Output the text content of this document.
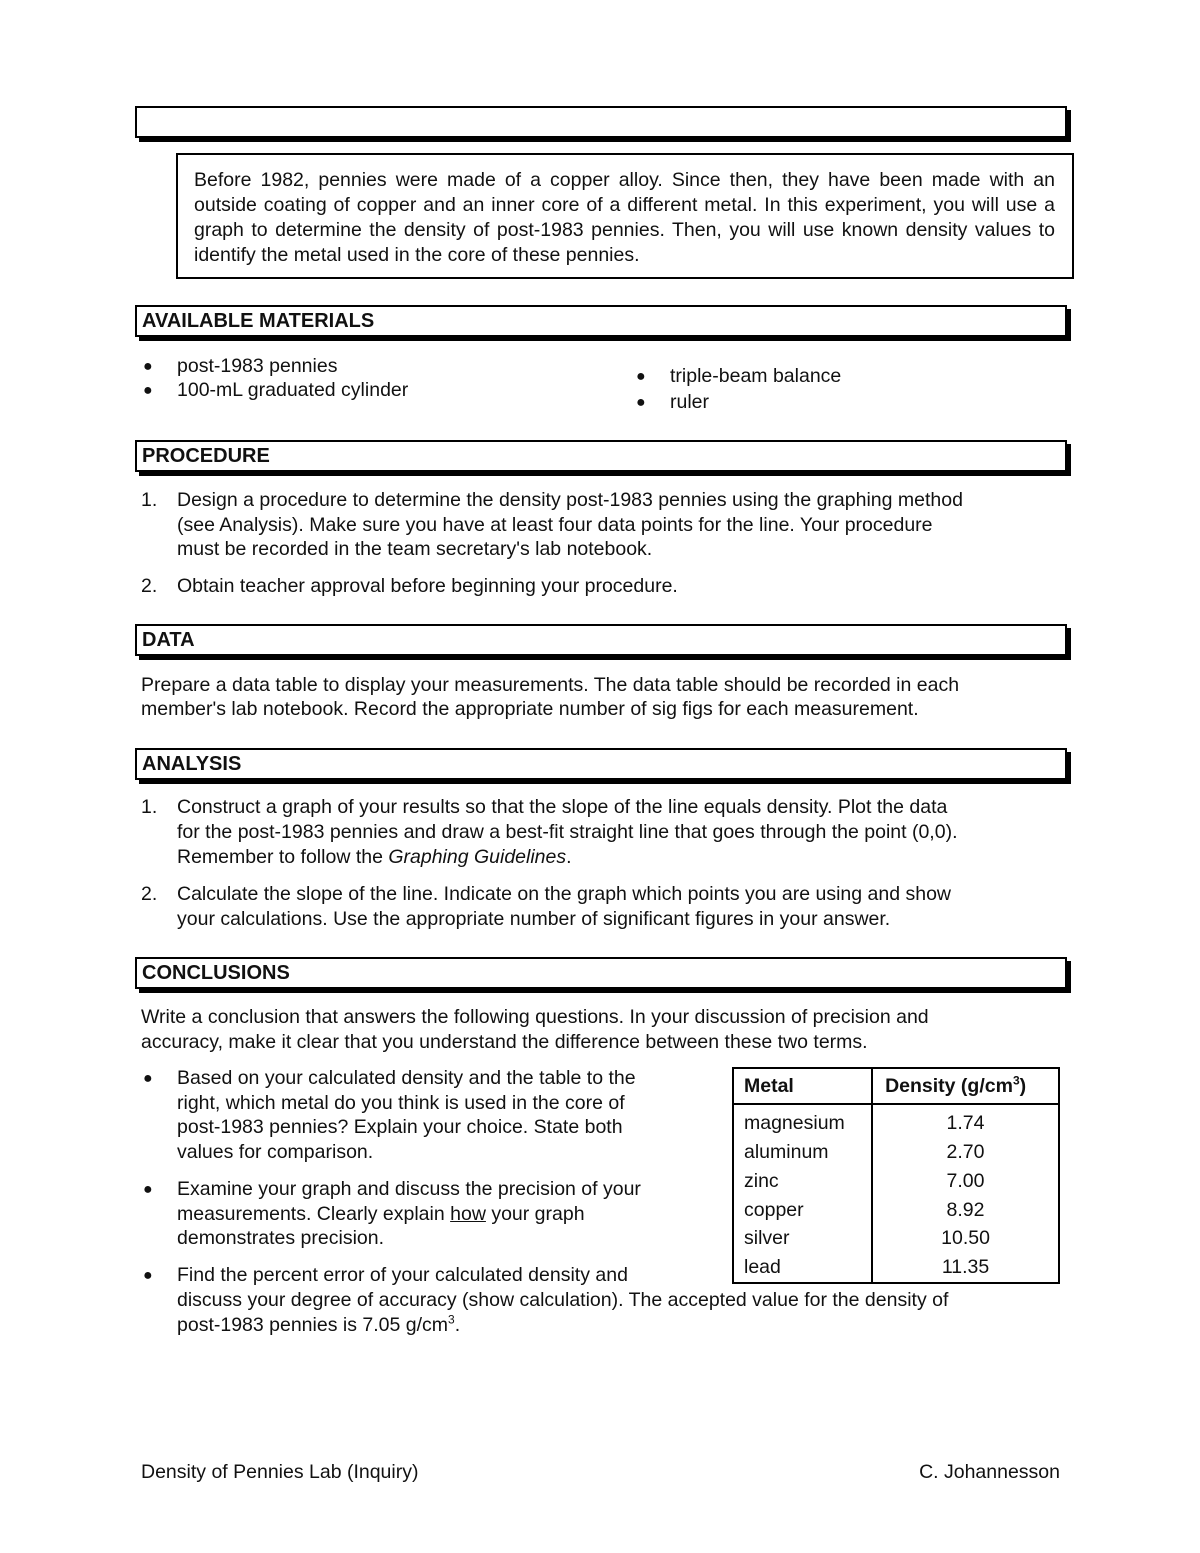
Before 1982, pennies were made of a copper alloy. Since then, they have been made with an outside coating of copper and an inner core of a different metal. In this experiment, you will use a graph to determine the density of post-1983 pennies. Then, you will use known density values to identify the metal used in the core of these pennies.
AVAILABLE MATERIALS
● post-1983 pennies
● 100-mL graduated cylinder
● triple-beam balance
● ruler
PROCEDURE
1. Design a procedure to determine the density post-1983 pennies using the graphing method
(see Analysis). Make sure you have at least four data points for the line. Your procedure
must be recorded in the team secretary's lab notebook.
2. Obtain teacher approval before beginning your procedure.
DATA
Prepare a data table to display your measurements. The data table should be recorded in each
member's lab notebook. Record the appropriate number of sig figs for each measurement.
ANALYSIS
1. Construct a graph of your results so that the slope of the line equals density. Plot the data
for the post-1983 pennies and draw a best-fit straight line that goes through the point (0,0).
Remember to follow the Graphing Guidelines.
2. Calculate the slope of the line. Indicate on the graph which points you are using and show
your calculations. Use the appropriate number of significant figures in your answer.
CONCLUSIONS
Write a conclusion that answers the following questions. In your discussion of precision and
accuracy, make it clear that you understand the difference between these two terms.
● Based on your calculated density and the table to the
right, which metal do you think is used in the core of
post-1983 pennies? Explain your choice. State both
values for comparison.
● Examine your graph and discuss the precision of your
measurements. Clearly explain how your graph
demonstrates precision.
● Find the percent error of your calculated density and
discuss your degree of accuracy (show calculation). The accepted value for the density of
post-1983 pennies is 7.05 $g/cm^3$.
Metal	Density $(g/cm^3)$
magnesium	1.74
aluminum	2.70
zinc	7.00
copper	8.92
silver	10.50
lead	11.35
Density of Pennies Lab (Inquiry)	C. Johannesson
